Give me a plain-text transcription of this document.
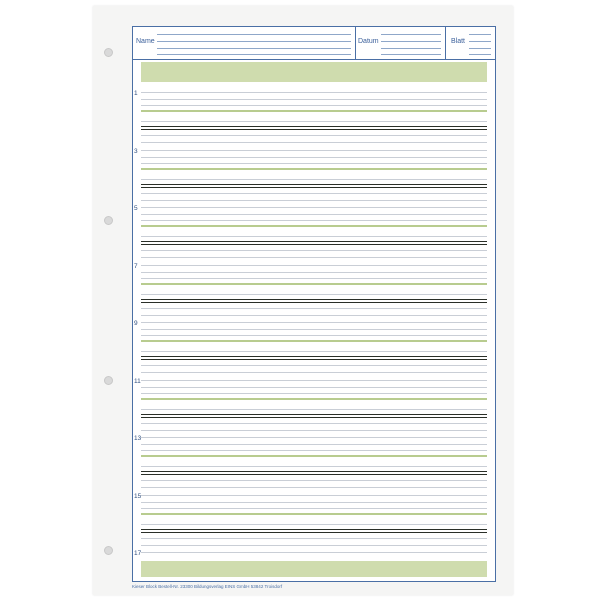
Name	Datum	Blatt
1
3
5
7
9
11
13
15
17
Kieser Block Bestell-Nr. 23300 Bildungsverlag EINS GmbH 53842 Troisdorf
